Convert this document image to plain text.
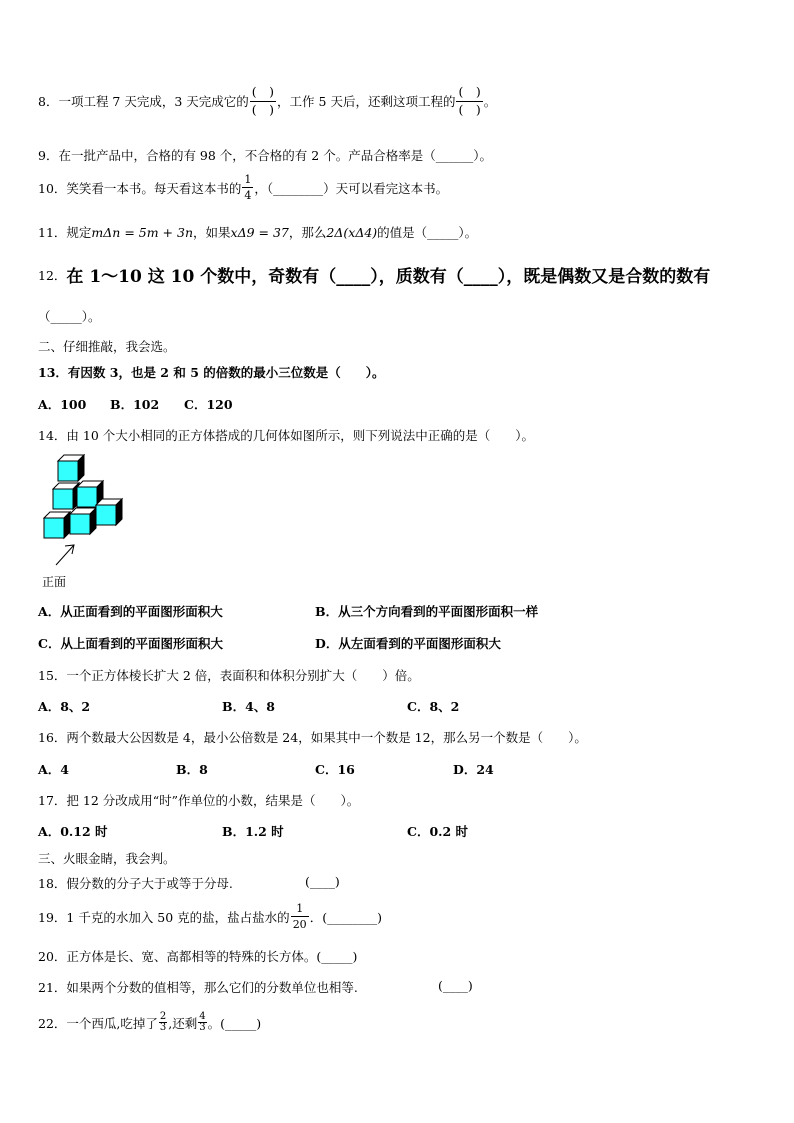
8． 一项工程 7 天完成，3 天完成它的 $\frac{( )}{( )}$ ，工作 5 天后，还剩这项工程的 $\frac{( )}{( )}$ 。
9． 在一批产品中，合格的有 98 个，不合格的有 2 个。产品合格率是（______）。
10． 笑笑看一本书。每天看这本书的 $\frac{1}{4}$ ，（________）天可以看完这本书。
11． 规定 mΔn = 5m + 3n ，如果 xΔ9 = 37 ，那么 2Δ(xΔ4) 的值是（_____）。
12． 在 1～10 这 10 个数中，奇数有（____），质数有（____），既是偶数又是合数的数有
（_____）。
二、仔细推敲，我会选。
13． 有因数 3，也是 2 和 5 的倍数的最小三位数是（　　）。
A．100 B．102 C．120
14． 由 10 个大小相同的正方体搭成的几何体如图所示，则下列说法中正确的是（　　）。
正面
A．从正面看到的平面图形面积大	B．从三个方向看到的平面图形面积一样
C．从上面看到的平面图形面积大	D．从左面看到的平面图形面积大
15． 一个正方体棱长扩大 2 倍，表面积和体积分别扩大（　　）倍。
A．8、2	B．4、8	C．8、2
16． 两个数最大公因数是 4，最小公倍数是 24，如果其中一个数是 12，那么另一个数是（　　）。
A．4	B．8	C．16	D．24
17． 把 12 分改成用“时”作单位的小数，结果是（　　）。
A．0.12 时	B．1.2 时	C．0.2 时
三、火眼金睛，我会判。
18． 假分数的分子大于或等于分母.	(____)
19． 1 千克的水加入 50 克的盐，盐占盐水的 $\frac{1}{20}$ ．(________)
20． 正方体是长、宽、高都相等的特殊的长方体。(_____)
21． 如果两个分数的值相等，那么它们的分数单位也相等.	(____)
22． 一个西瓜,吃掉了 $\frac{2}{3}$ ,还剩 $\frac{4}{3}$ 。(_____)
